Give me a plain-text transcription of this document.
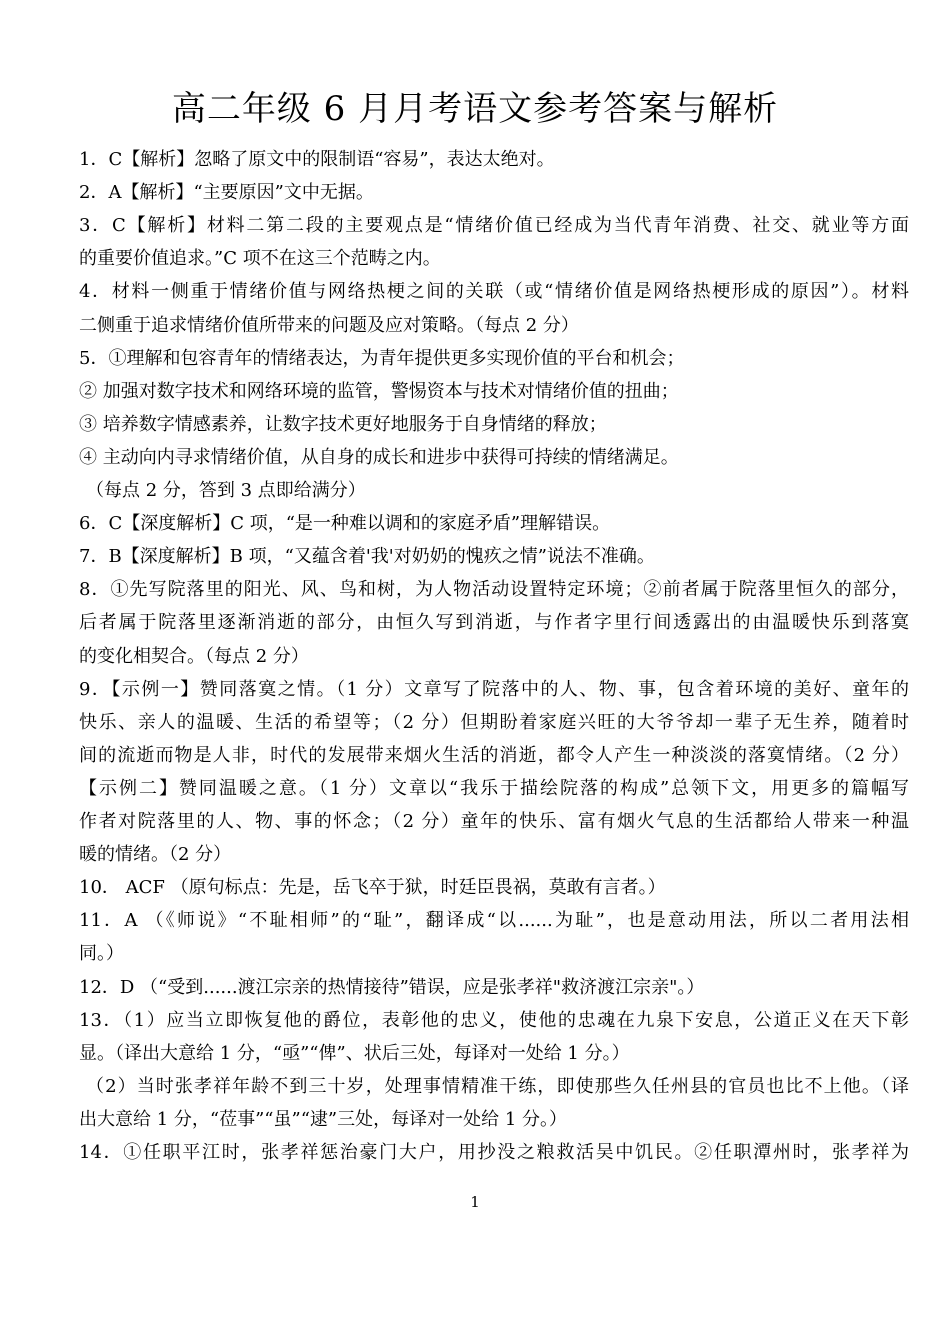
高二年级 6 月月考语文参考答案与解析
1．C【解析】忽略了原文中的限制语“容易”，表达太绝对。
2．A【解析】“主要原因”文中无据。
3．C【解析】材料二第二段的主要观点是“情绪价值已经成为当代青年消费、社交、就业等方面
的重要价值追求。”C 项不在这三个范畴之内。
4．材料一侧重于情绪价值与网络热梗之间的关联（或“情绪价值是网络热梗形成的原因”）。材料
二侧重于追求情绪价值所带来的问题及应对策略。（每点 2 分）
5．①理解和包容青年的情绪表达，为青年提供更多实现价值的平台和机会；
② 加强对数字技术和网络环境的监管，警惕资本与技术对情绪价值的扭曲；
③ 培养数字情感素养，让数字技术更好地服务于自身情绪的释放；
④ 主动向内寻求情绪价值，从自身的成长和进步中获得可持续的情绪满足。
（每点 2 分，答到 3 点即给满分）
6．C【深度解析】C 项，“是一种难以调和的家庭矛盾”理解错误。
7．B【深度解析】B 项，“又蕴含着'我'对奶奶的愧疚之情”说法不准确。
8．①先写院落里的阳光、风、鸟和树，为人物活动设置特定环境；②前者属于院落里恒久的部分，
后者属于院落里逐渐消逝的部分，由恒久写到消逝，与作者字里行间透露出的由温暖快乐到落寞
的变化相契合。（每点 2 分）
9．【示例一】赞同落寞之情。（1 分）文章写了院落中的人、物、事，包含着环境的美好、童年的
快乐、亲人的温暖、生活的希望等；（2 分）但期盼着家庭兴旺的大爷爷却一辈子无生养，随着时
间的流逝而物是人非，时代的发展带来烟火生活的消逝，都令人产生一种淡淡的落寞情绪。（2 分）
【示例二】赞同温暖之意。（1 分）文章以“我乐于描绘院落的构成”总领下文，用更多的篇幅写
作者对院落里的人、物、事的怀念；（2 分）童年的快乐、富有烟火气息的生活都给人带来一种温
暖的情绪。（2 分）
10． ACF （原句标点：先是，岳飞卒于狱，时廷臣畏祸，莫敢有言者。）
11．A （《师说》“不耻相师”的“耻”，翻译成“以......为耻”，也是意动用法，所以二者用法相
同。）
12．D （“受到......渡江宗亲的热情接待”错误，应是张孝祥"救济渡江宗亲"。）
13．（1）应当立即恢复他的爵位，表彰他的忠义，使他的忠魂在九泉下安息，公道正义在天下彰
显。（译出大意给 1 分，“亟”“俾”、状后三处，每译对一处给 1 分。）
（2）当时张孝祥年龄不到三十岁，处理事情精准干练，即使那些久任州县的官员也比不上他。（译
出大意给 1 分，“莅事”“虽”“逮”三处，每译对一处给 1 分。）
14．①任职平江时，张孝祥惩治豪门大户，用抄没之粮救活吴中饥民。②任职潭州时，张孝祥为
1
